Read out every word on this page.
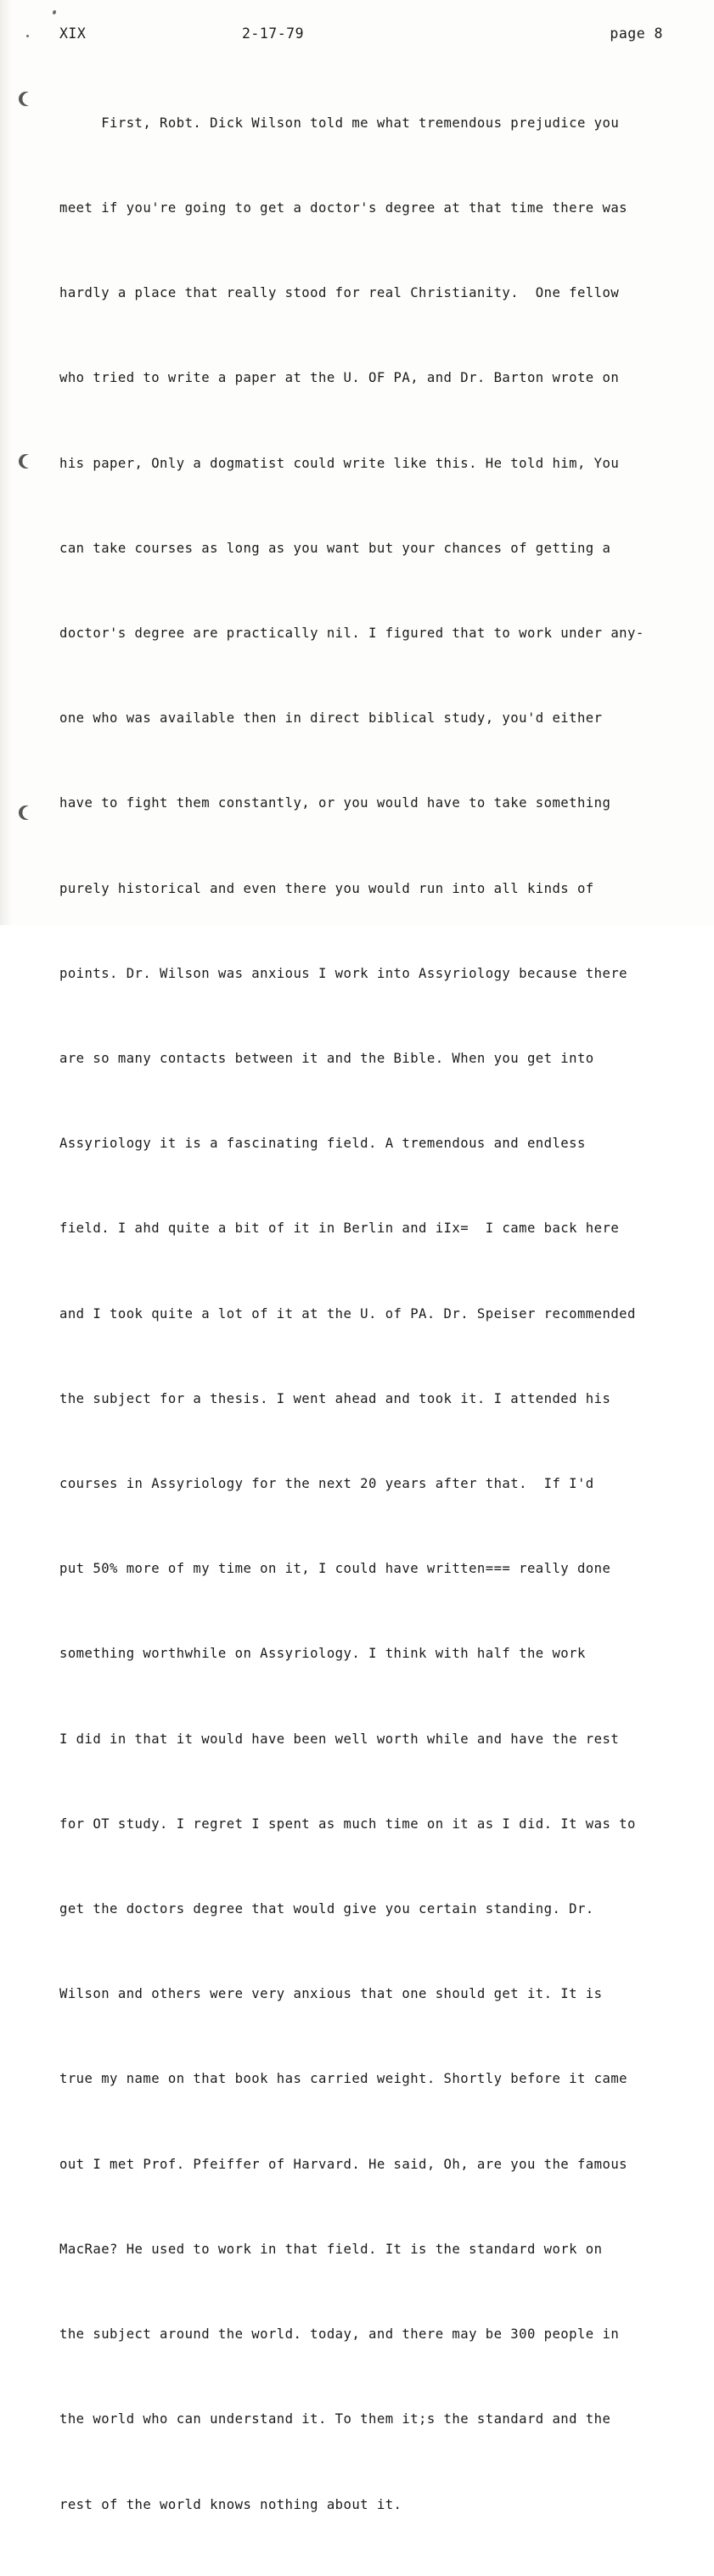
XIX	2-17-79	page 8

First, Robt. Dick Wilson told me what tremendous prejudice you

meet if you're going to get a doctor's degree at that time there was

hardly a place that really stood for real Christianity.  One fellow

who tried to write a paper at the U. OF PA, and Dr. Barton wrote on

his paper, Only a dogmatist could write like this. He told him, You

can take courses as long as you want but your chances of getting a

doctor's degree are practically nil. I figured that to work under any-

one who was available then in direct biblical study, you'd either

have to fight them constantly, or you would have to take something

purely historical and even there you would run into all kinds of

points. Dr. Wilson was anxious I work into Assyriology because there

are so many contacts between it and the Bible. When you get into

Assyriology it is a fascinating field. A tremendous and endless

field. I ahd quite a bit of it in Berlin and iIx=  I came back here

and I took quite a lot of it at the U. of PA. Dr. Speiser recommended

the subject for a thesis. I went ahead and took it. I attended his

courses in Assyriology for the next 20 years after that.  If I'd

put 50% more of my time on it, I could have written=== really done

something worthwhile on Assyriology. I think with half the work

I did in that it would have been well worth while and have the rest

for OT study. I regret I spent as much time on it as I did. It was to

get the doctors degree that would give you certain standing. Dr.

Wilson and others were very anxious that one should get it. It is

true my name on that book has carried weight. Shortly before it came

out I met Prof. Pfeiffer of Harvard. He said, Oh, are you the famous

MacRae? He used to work in that field. It is the standard work on

the subject around the world. today, and there may be 300 people in

the world who can understand it. To them it;s the standard and the

rest of the world knows nothing about it.
